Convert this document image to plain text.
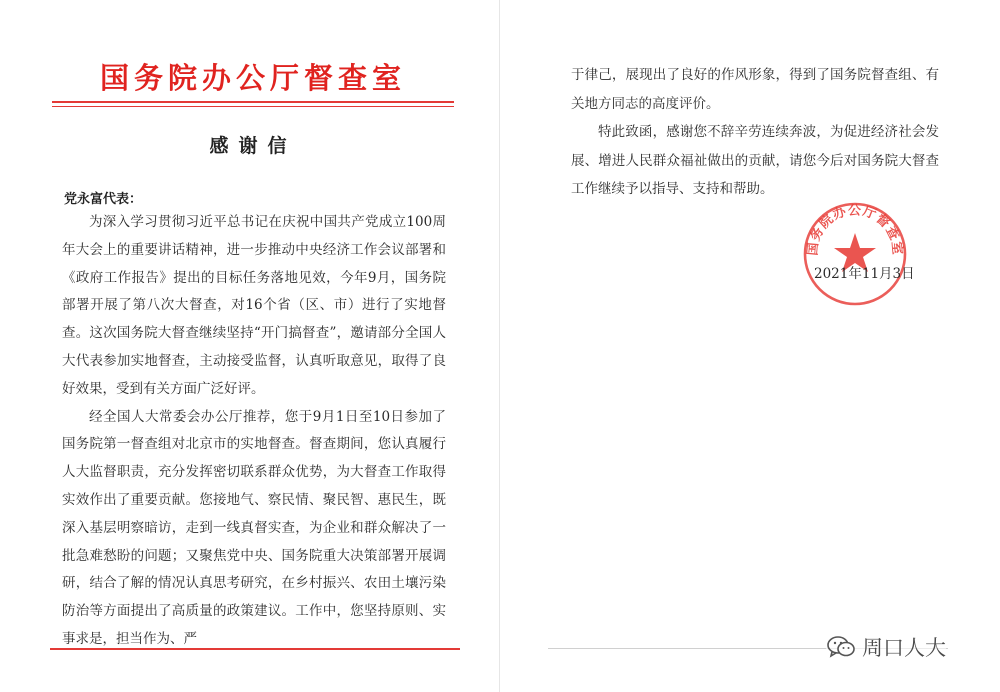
国务院办公厅督查室
感谢信
党永富代表：

为深入学习贯彻习近平总书记在庆祝中国共产党成立100周年大会上的重要讲话精神，进一步推动中央经济工作会议部署和《政府工作报告》提出的目标任务落地见效，今年9月，国务院部署开展了第八次大督查，对16个省（区、市）进行了实地督查。这次国务院大督查继续坚持“开门搞督查”，邀请部分全国人大代表参加实地督查，主动接受监督，认真听取意见，取得了良好效果，受到有关方面广泛好评。

经全国人大常委会办公厅推荐，您于9月1日至10日参加了国务院第一督查组对北京市的实地督查。督查期间，您认真履行人大监督职责，充分发挥密切联系群众优势，为大督查工作取得实效作出了重要贡献。您接地气、察民情、聚民智、惠民生，既深入基层明察暗访，走到一线真督实查，为企业和群众解决了一批急难愁盼的问题；又聚焦党中央、国务院重大决策部署开展调研，结合了解的情况认真思考研究，在乡村振兴、农田土壤污染防治等方面提出了高质量的政策建议。工作中，您坚持原则、实事求是，担当作为、严

于律己，展现出了良好的作风形象，得到了国务院督查组、有关地方同志的高度评价。

特此致函，感谢您不辞辛劳连续奔波，为促进经济社会发展、增进人民群众福祉做出的贡献，请您今后对国务院大督查工作继续予以指导、支持和帮助。

国务院办公厅督查室
2021年11月3日
周口人大
